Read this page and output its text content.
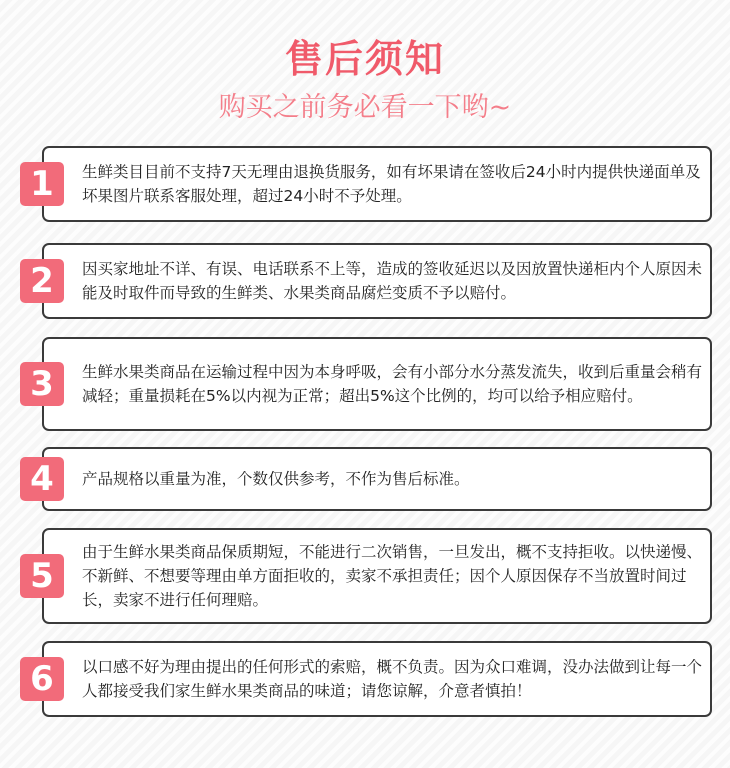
售后须知
购买之前务必看一下哟~
1	生鲜类目目前不支持7天无理由退换货服务，如有坏果请在签收后24小时内提供快递面单及坏果图片联系客服处理，超过24小时不予处理。
2	因买家地址不详、有误、电话联系不上等，造成的签收延迟以及因放置快递柜内个人原因未能及时取件而导致的生鲜类、水果类商品腐烂变质不予以赔付。
3	生鲜水果类商品在运输过程中因为本身呼吸，会有小部分水分蒸发流失，收到后重量会稍有减轻；重量损耗在5%以内视为正常；超出5%这个比例的，均可以给予相应赔付。
4	产品规格以重量为准，个数仅供参考，不作为售后标准。
5
由于生鲜水果类商品保质期短，不能进行二次销售，一旦发出，概不支持拒收。以快递慢、不新鲜、不想要等理由单方面拒收的，卖家不承担责任；因个人原因保存不当放置时间过长，卖家不进行任何理赔。
6	以口感不好为理由提出的任何形式的索赔，概不负责。因为众口难调，没办法做到让每一个人都接受我们家生鲜水果类商品的味道；请您谅解，介意者慎拍！
